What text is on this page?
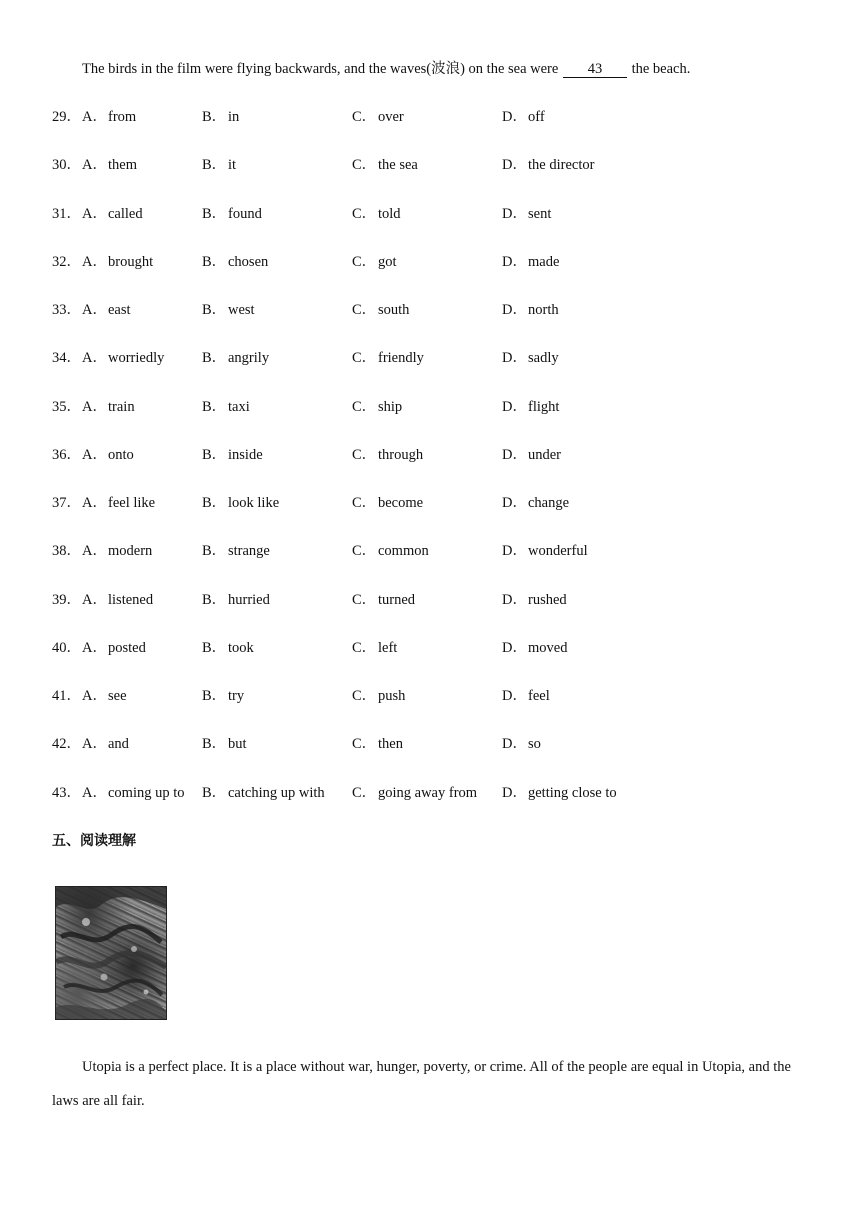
The birds in the film were flying backwards, and the waves(波浪) on the sea were 43 the beach.
29． A．from	B． in	C． over	D．off
30． A．them	B． it	C． the sea	D．the director
31． A．called	B． found	C． told	D．sent
32． A．brought	B． chosen	C． got	D．made
33． A．east	B． west	C． south	D．north
34． A．worriedly	B． angrily	C． friendly	D．sadly
35． A．train	B． taxi	C． ship	D．flight
36． A．onto	B． inside	C． through	D．under
37． A．feel like	B． look like	C． become	D．change
38． A．modern	B． strange	C． common	D．wonderful
39． A．listened	B． hurried	C． turned	D．rushed
40． A．posted	B． took	C． left	D．moved
41． A．see	B． try	C． push	D．feel
42． A．and	B． but	C． then	D．so
43． A．coming up to B． catching up with C． going away from D．getting close to
五、阅读理解
Utopia is a perfect place. It is a place without war, hunger, poverty, or crime. All of the people are equal in Utopia, and the laws are all fair.
